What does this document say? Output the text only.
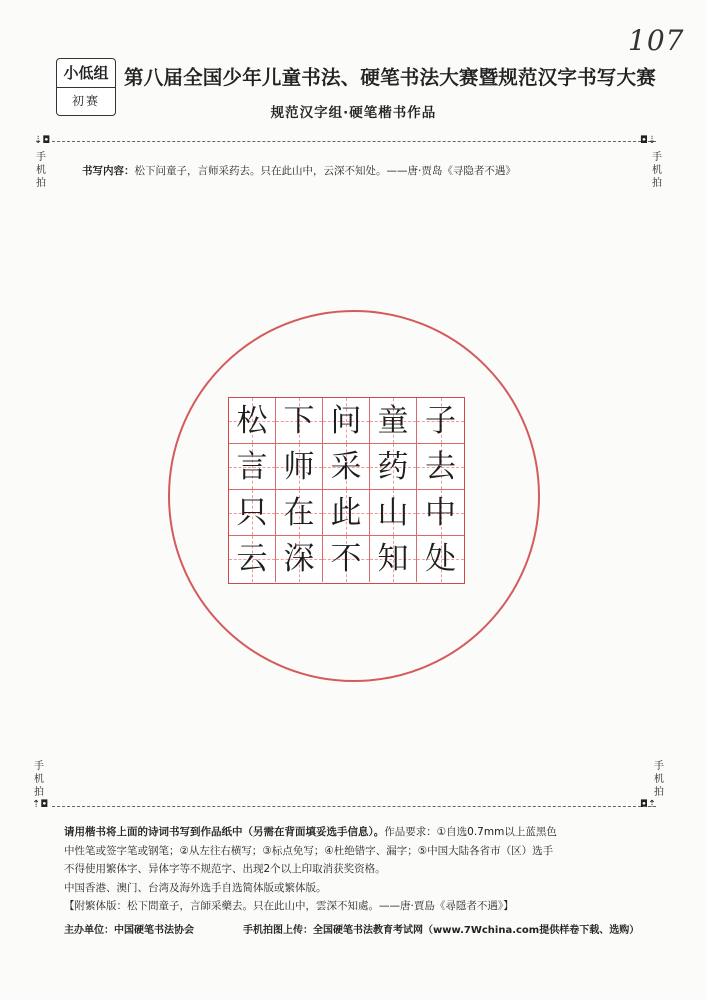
107
小低组
初赛
第八届全国少年儿童书法、硬笔书法大赛暨规范汉字书写大赛
规范汉字组·硬笔楷书作品
⇣◘
手机拍
◘⇣
手机拍
书写内容：松下问童子，言师采药去。只在此山中，云深不知处。——唐·贾岛《寻隐者不遇》
松 下 问 童 子
言 师 采 药 去
只 在 此 山 中
云 深 不 知 处
手机拍
⇡◘
手机拍
◘⇡
请用楷书将上面的诗词书写到作品纸中（另需在背面填妥选手信息）。作品要求：①自选0.7mm以上蓝黑色
中性笔或签字笔或钢笔；②从左往右横写；③标点免写；④杜绝错字、漏字；⑤中国大陆各省市（区）选手
不得使用繁体字、异体字等不规范字、出现2个以上印取消获奖资格。
中国香港、澳门、台湾及海外选手自选简体版或繁体版。
【附繁体版：松下問童子，言師采藥去。只在此山中，雲深不知處。——唐·賈島《尋隱者不遇》】
主办单位：中国硬笔书法协会	手机拍图上传：全国硬笔书法教育考试网（www.7Wchina.com提供样卷下载、选购）
